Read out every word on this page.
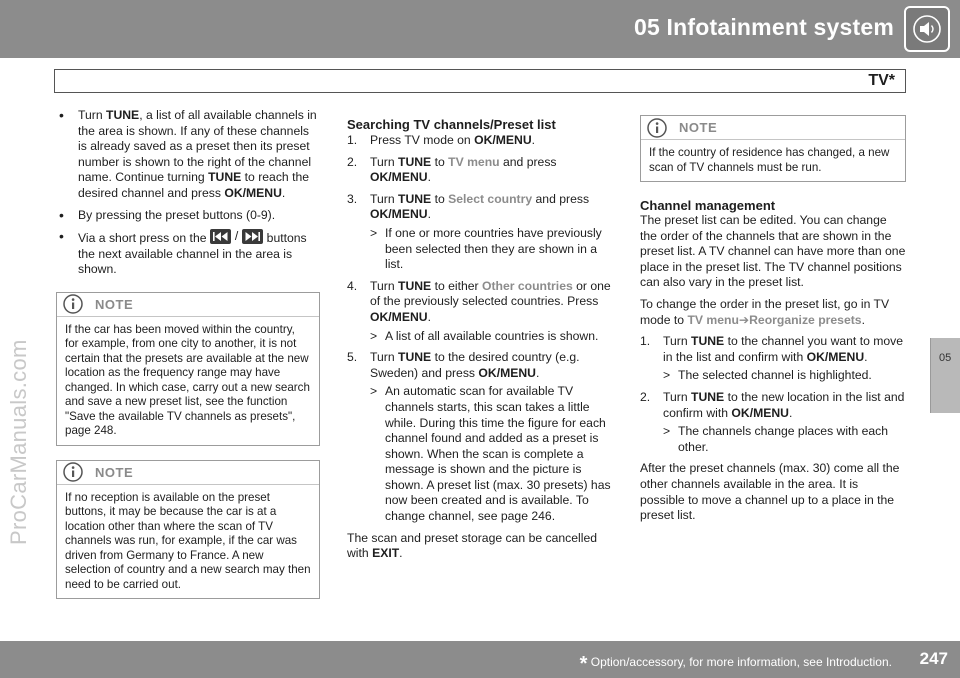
05 Infotainment system
TV*
05
ProCarManuals.com
• Turn TUNE, a list of all available channels in the area is shown. If any of these channels is already saved as a preset then its preset number is shown to the right of the channel name. Continue turning TUNE to reach the desired channel and press OK/MENU.
• By pressing the preset buttons (0-9).
• Via a short press on the / buttons the next available channel in the area is shown.
NOTE
If the car has been moved within the country, for example, from one city to another, it is not certain that the presets are available at the new location as the frequency range may have changed. In which case, carry out a new search and save a new preset list, see the function "Save the available TV channels as presets", page 248.
NOTE
If no reception is available on the preset buttons, it may be because the car is at a location other than where the scan of TV channels was run, for example, if the car was driven from Germany to France. A new selection of country and a new search may then need to be carried out.
Searching TV channels/Preset list
1. Press TV mode on OK/MENU.
2. Turn TUNE to TV menu and press OK/MENU.
3. Turn TUNE to Select country and press OK/MENU.
> If one or more countries have previously been selected then they are shown in a list.
4. Turn TUNE to either Other countries or one of the previously selected countries. Press OK/MENU.
> A list of all available countries is shown.
5. Turn TUNE to the desired country (e.g. Sweden) and press OK/MENU.
> An automatic scan for available TV channels starts, this scan takes a little while. During this time the figure for each channel found and added as a preset is shown. When the scan is complete a message is shown and the picture is shown. A preset list (max. 30 presets) has now been created and is available. To change channel, see page 246.

The scan and preset storage can be cancelled with EXIT.

NOTE
If the country of residence has changed, a new scan of TV channels must be run.
Channel management

The preset list can be edited. You can change the order of the channels that are shown in the preset list. A TV channel can have more than one place in the preset list. The TV channel positions can also vary in the preset list.

To change the order in the preset list, go in TV mode to TV menu➔Reorganize presets.

1. Turn TUNE to the channel you want to move in the list and confirm with OK/MENU.
> The selected channel is highlighted.
2. Turn TUNE to the new location in the list and confirm with OK/MENU.
> The channels change places with each other.

After the preset channels (max. 30) come all the other channels available in the area. It is possible to move a channel up to a place in the preset list.

* Option/accessory, for more information, see Introduction. 247
